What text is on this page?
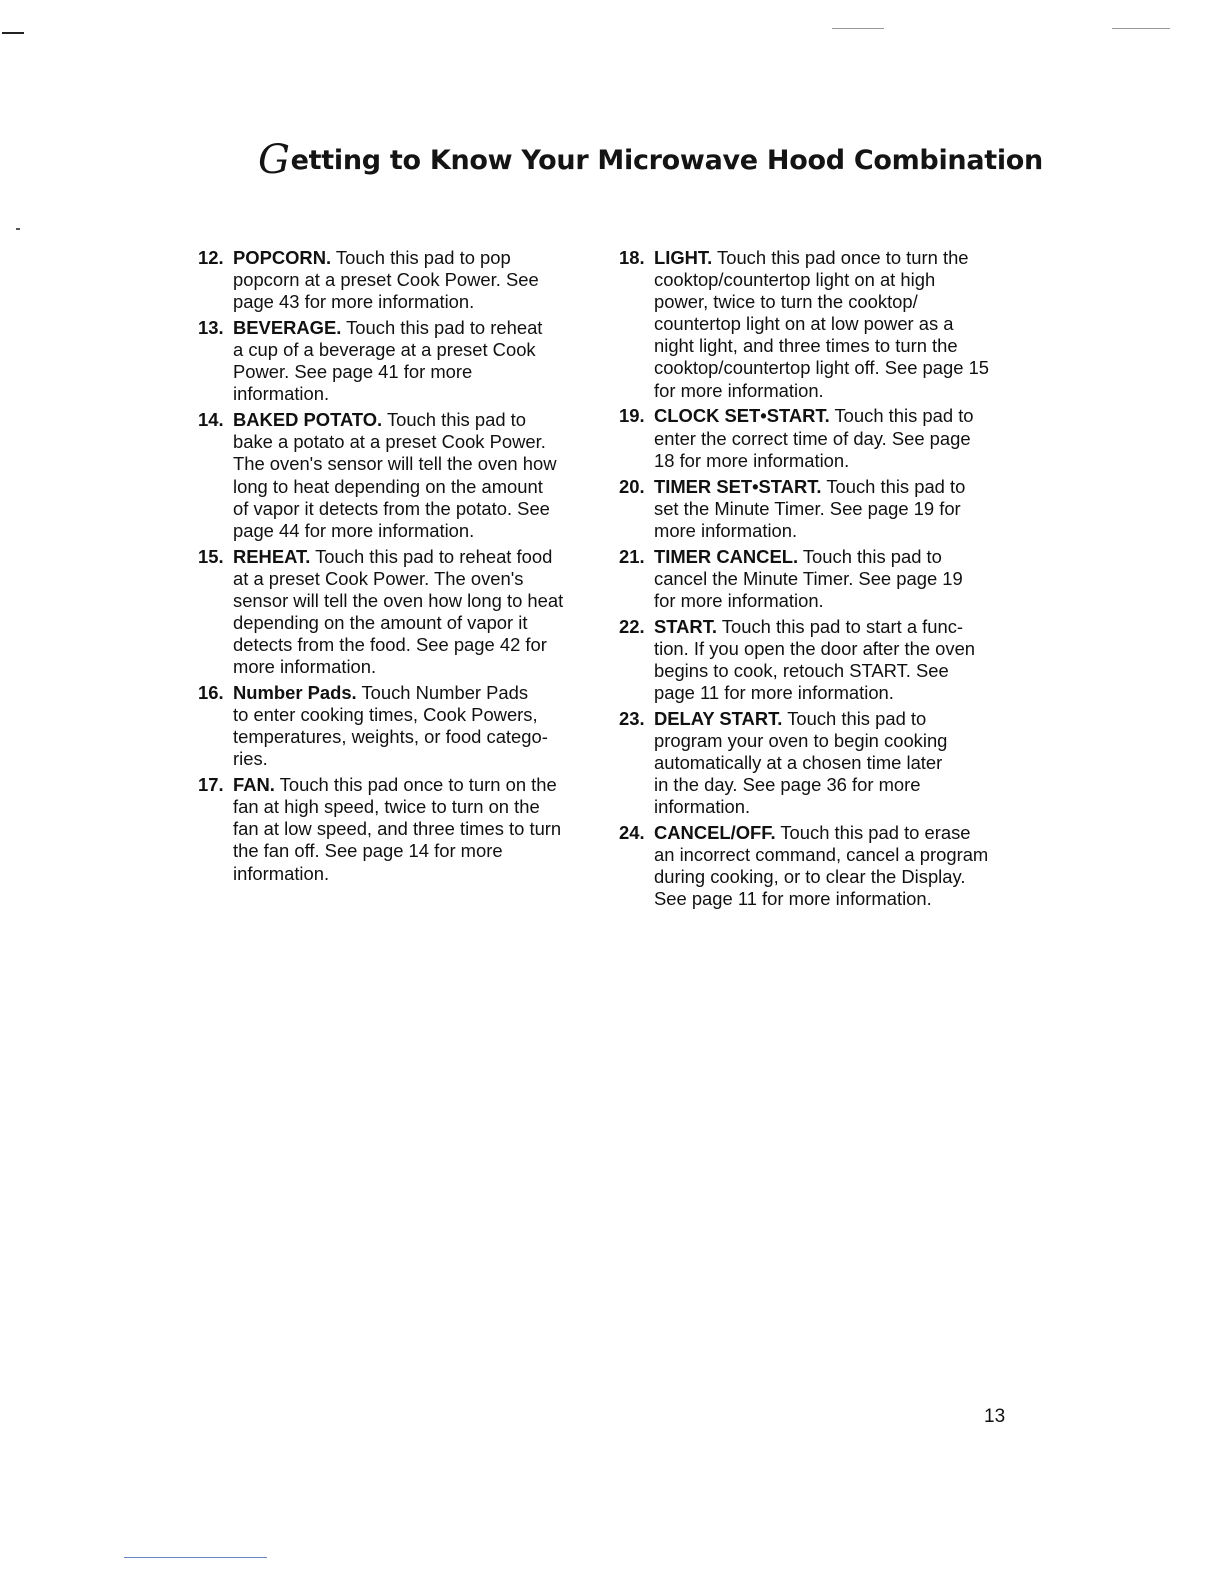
Getting to Know Your Microwave Hood Combination
12. POPCORN. Touch this pad to pop
popcorn at a preset Cook Power. See
page 43 for more information.
13. BEVERAGE. Touch this pad to reheat
a cup of a beverage at a preset Cook
Power. See page 41 for more
information.
14. BAKED POTATO. Touch this pad to
bake a potato at a preset Cook Power.
The oven's sensor will tell the oven how
long to heat depending on the amount
of vapor it detects from the potato. See
page 44 for more information.
15. REHEAT. Touch this pad to reheat food
at a preset Cook Power. The oven's
sensor will tell the oven how long to heat
depending on the amount of vapor it
detects from the food. See page 42 for
more information.
16. Number Pads. Touch Number Pads
to enter cooking times, Cook Powers,
temperatures, weights, or food catego-
ries.
17. FAN. Touch this pad once to turn on the
fan at high speed, twice to turn on the
fan at low speed, and three times to turn
the fan off. See page 14 for more
information.
18. LIGHT. Touch this pad once to turn the
cooktop/countertop light on at high
power, twice to turn the cooktop/
countertop light on at low power as a
night light, and three times to turn the
cooktop/countertop light off. See page 15
for more information.
19. CLOCK SET•START. Touch this pad to
enter the correct time of day. See page
18 for more information.
20. TIMER SET•START. Touch this pad to
set the Minute Timer. See page 19 for
more information.
21. TIMER CANCEL. Touch this pad to
cancel the Minute Timer. See page 19
for more information.
22. START. Touch this pad to start a func-
tion. If you open the door after the oven
begins to cook, retouch START. See
page 11 for more information.
23. DELAY START. Touch this pad to
program your oven to begin cooking
automatically at a chosen time later
in the day. See page 36 for more
information.
24. CANCEL/OFF. Touch this pad to erase
an incorrect command, cancel a program
during cooking, or to clear the Display.
See page 11 for more information.
13
